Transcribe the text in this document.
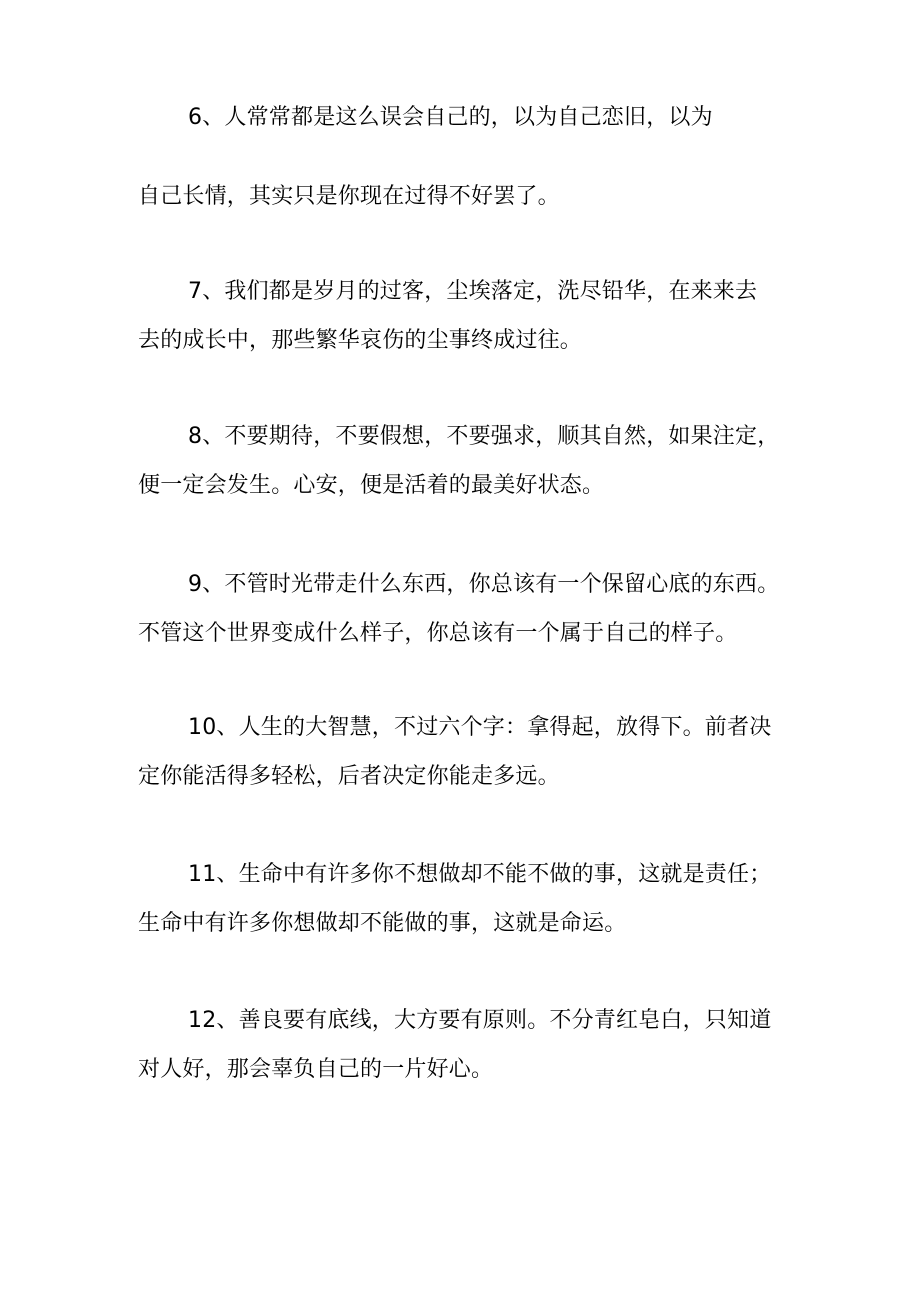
6、人常常都是这么误会自己的，以为自己恋旧，以为
自己长情，其实只是你现在过得不好罢了。
7、我们都是岁月的过客，尘埃落定，洗尽铅华，在来来去
去的成长中，那些繁华哀伤的尘事终成过往。
8、不要期待，不要假想，不要强求，顺其自然，如果注定，
便一定会发生。心安，便是活着的最美好状态。
9、不管时光带走什么东西，你总该有一个保留心底的东西。
不管这个世界变成什么样子，你总该有一个属于自己的样子。
10、人生的大智慧，不过六个字：拿得起，放得下。前者决
定你能活得多轻松，后者决定你能走多远。
11、生命中有许多你不想做却不能不做的事，这就是责任；
生命中有许多你想做却不能做的事，这就是命运。
12、善良要有底线，大方要有原则。不分青红皂白，只知道
对人好，那会辜负自己的一片好心。
